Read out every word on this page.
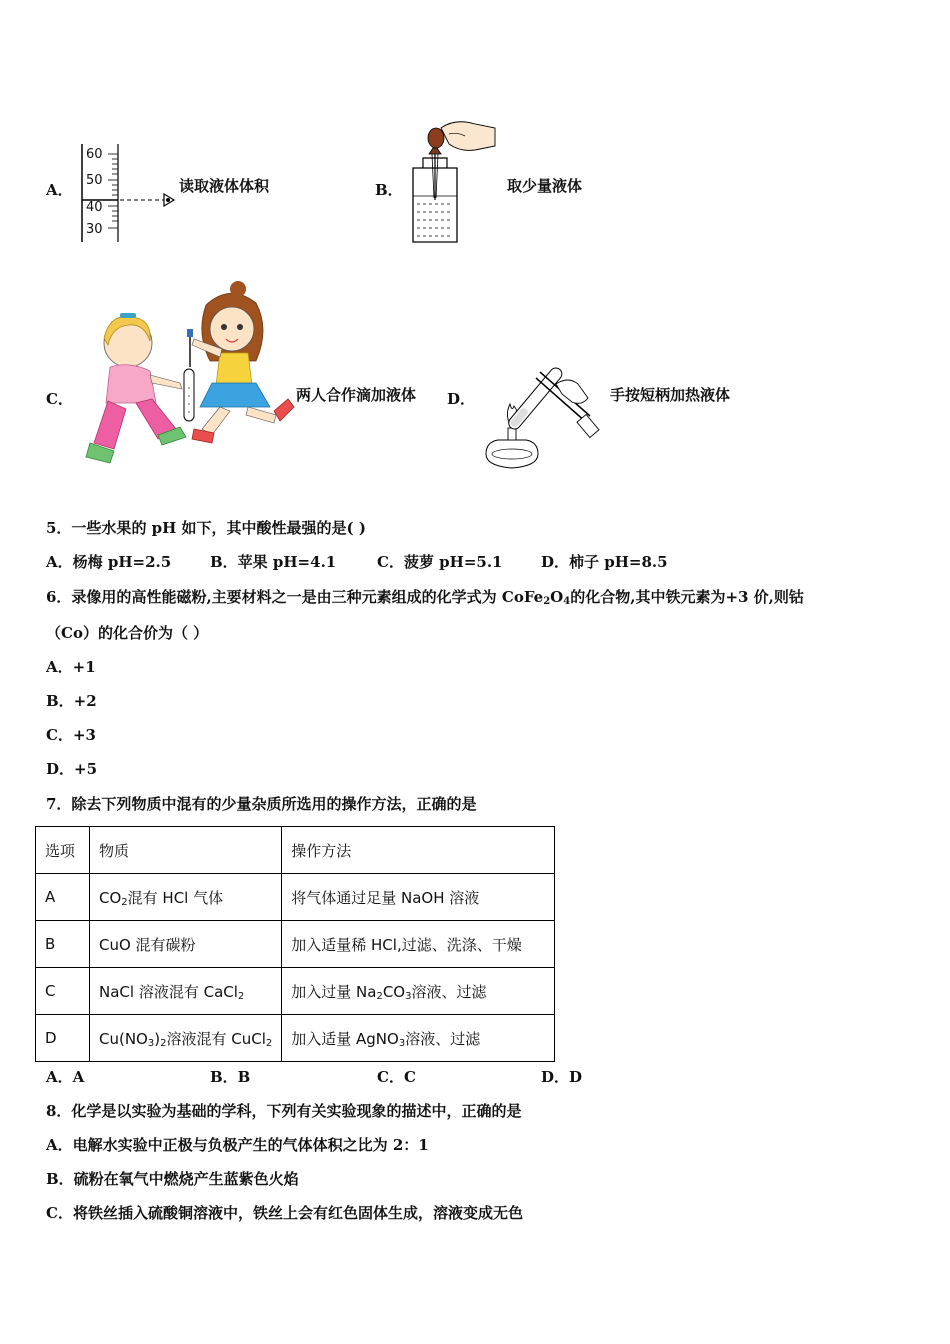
A．
60
50
40
30
读取液体体积	B．	取少量液体
C．	两人合作滴加液体 D．	手按短柄加热液体
5．一些水果的 pH 如下，其中酸性最强的是( )
A．杨梅 pH=2.5	B．苹果 pH=4.1	C．菠萝 pH=5.1	D．柿子 pH=8.5
6．录像用的高性能磁粉,主要材料之一是由三种元素组成的化学式为 $CoFe_2O_4$的化合物,其中铁元素为+3 价,则钴
（Co）的化合价为（ ）
A．+1
B．+2
C．+3
D．+5
7．除去下列物质中混有的少量杂质所选用的操作方法，正确的是
选项	物质	操作方法
A	$CO_2$混有 HCl 气体	将气体通过足量 NaOH 溶液
B	CuO 混有碳粉	加入适量稀 HCl,过滤、洗涤、干燥
C	NaCl 溶液混有 CaCl$_2$	加入过量 $Na_2CO_3$溶液、过滤
D	$Cu(NO_3)_2$溶液混有 CuCl$_2$	加入适量 AgNO$_3$溶液、过滤
A．A	B．B	C．C	D．D
8．化学是以实验为基础的学科，下列有关实验现象的描述中，正确的是
A．电解水实验中正极与负极产生的气体体积之比为 2：1
B．硫粉在氧气中燃烧产生蓝紫色火焰
C．将铁丝插入硫酸铜溶液中，铁丝上会有红色固体生成，溶液变成无色
